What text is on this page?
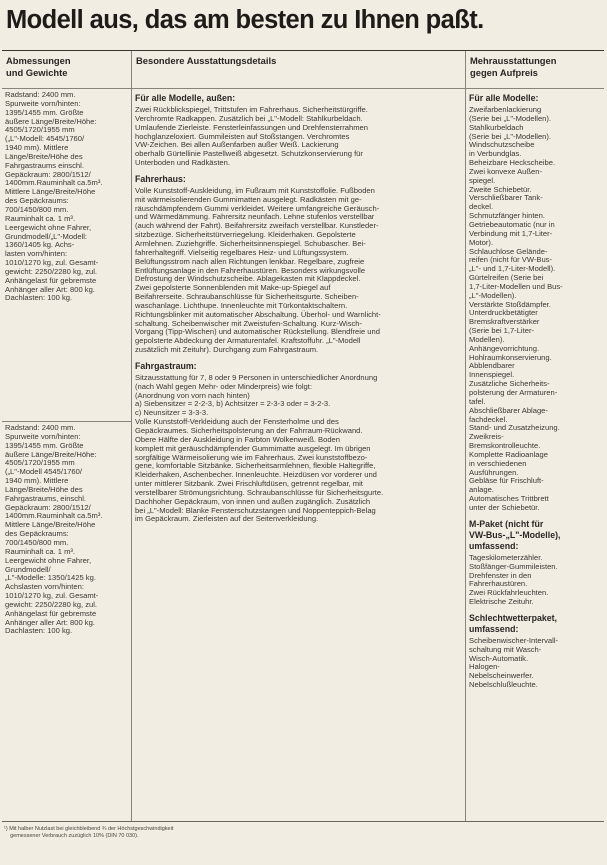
Modell aus, das am besten zu Ihnen paßt.
Abmessungen
und Gewichte
Radstand: 2400 mm.
Spurweite vorn/hinten:
1395/1455 mm. Größte
äußere Länge/Breite/Höhe:
4505/1720/1955 mm
(„L"-Modell: 4545/1760/
1940 mm). Mittlere
Länge/Breite/Höhe des
Fahrgastraums einschl.
Gepäckraum: 2800/1512/
1400mm.Rauminhalt ca.5m³.
Mittlere Länge/Breite/Höhe
des Gepäckraums:
700/1450/800 mm.
Rauminhalt ca. 1 m³.
Leergewicht ohne Fahrer,
Grundmodell/„L"-Modell:
1360/1405 kg. Achs-
lasten vorn/hinten:
1010/1270 kg, zul. Gesamt-
gewicht: 2250/2280 kg, zul.
Anhängelast für gebremste
Anhänger aller Art: 800 kg.
Dachlasten: 100 kg.
Radstand: 2400 mm.
Spurweite vorn/hinten:
1395/1455 mm. Größte
äußere Länge/Breite/Höhe:
4505/1720/1955 mm
(„L"-Modell 4545/1760/
1940 mm). Mittlere
Länge/Breite/Höhe des
Fahrgastraums, einschl.
Gepäckraum: 2800/1512/
1400mm.Rauminhalt ca.5m³.
Mittlere Länge/Breite/Höhe
des Gepäckraums:
700/1450/800 mm.
Rauminhalt ca. 1 m³.
Leergewicht ohne Fahrer,
Grundmodell/
„L"-Modelle: 1350/1425 kg.
Achslasten vorn/hinten:
1010/1270 kg, zul. Gesamt-
gewicht: 2250/2280 kg, zul.
Anhängelast für gebremste
Anhänger aller Art: 800 kg.
Dachlasten: 100 kg.
Besondere Ausstattungsdetails
Für alle Modelle, außen:
Zwei Rückblickspiegel, Trittstufen im Fahrerhaus. Sicherheitstürgriffe.
Verchromte Radkappen. Zusätzlich bei „L"-Modell: Stahlkurbeldach.
Umlaufende Zierleiste. Fensterleinfassungen und Drehfensterrahmen
hochglanzeloxiert. Gummileisten auf Stoßstangen. Verchromtes
VW-Zeichen. Bei allen Außenfarben außer Weiß. Lackierung
oberhalb Gürtellinie Pastellweiß abgesetzt. Schutzkonservierung für
Unterboden und Radkästen.
Fahrerhaus:
Volle Kunststoff-Auskleidung, im Fußraum mit Kunststoffolie. Fußboden
mit wärmeisolierenden Gummimatten ausgelegt. Radkästen mit ge-
räuschdämpfendem Gummi verkleidet. Weitere umfangreiche Geräusch-
und Wärmedämmung. Fahrersitz neunfach. Lehne stufenlos verstellbar
(auch während der Fahrt). Beifahrersitz zweifach verstellbar. Kunstleder-
sitzbezüge. Sicherheitstürverriegelung. Kleiderhaken. Gepolsterte
Armlehnen. Zuziehgriffe. Sicherheitsinnenspiegel. Schubascher. Bei-
fahrerhaltegriff. Vielseitig regelbares Heiz- und Lüftungssystem.
Belüftungsstrom nach allen Richtungen lenkbar. Regelbare, zugfreie
Entlüftungsanlage in den Fahrerhaustüren. Besonders wirkungsvolle
Defrostung der Windschutzscheibe. Ablagekasten mit Klappdeckel.
Zwei gepolsterte Sonnenblenden mit Make-up-Spiegel auf
Beifahrerseite. Schraubanschlüsse für Sicherheitsgurte. Scheiben-
waschanlage. Lichthupe. Innenleuchte mit Türkontaktschaltern.
Richtungsblinker mit automatischer Abschaltung. Überhol- und Warnlicht-
schaltung. Scheibenwischer mit Zweistufen-Schaltung. Kurz-Wisch-
Vorgang (Tipp-Wischen) und automatischer Rückstellung. Blendfreie und
gepolsterte Abdeckung der Armaturentafel. Kraftstoffuhr. „L"-Modell
zusätzlich mit Zeituhr). Durchgang zum Fahrgastraum.
Fahrgastraum:
Sitzausstattung für 7, 8 oder 9 Personen in unterschiedlicher Anordnung
(nach Wahl gegen Mehr- oder Minderpreis) wie folgt:
(Anordnung von vorn nach hinten)
a) Siebensitzer = 2-2-3, b) Achtsitzer = 2-3-3 oder = 3-2-3.
c) Neunsitzer = 3-3-3.
Volle Kunststoff-Verkleidung auch der Fensterholme und des
Gepäckraumes. Sicherheitspolsterung an der Fahrraum-Rückwand.
Obere Hälfte der Auskleidung in Farbton Wolkenweiß. Boden
komplett mit geräuschdämpfender Gummimatte ausgelegt. Im übrigen
sorgfältige Wärmeisolierung wie im Fahrerhaus. Zwei kunststoffbezo-
gene, komfortable Sitzbänke. Sicherheitsarmlehnen, flexible Haltegriffe,
Kleiderhaken, Aschenbecher. Innenleuchte. Heizdüsen vor vorderer und
unter mittlerer Sitzbank. Zwei Frischluftdüsen, getrennt regelbar, mit
verstellbarer Strömungsrichtung. Schraubanschlüsse für Sicherheitsgurte.
Dachhoher Gepäckraum, von innen und außen zugänglich. Zusätzlich
bei „L"-Modell: Blanke Fensterschutzstangen und Noppenteppich-Belag
im Gepäckraum. Zierleisten auf der Seitenverkleidung.
Mehrausstattungen
gegen Aufpreis
Für alle Modelle:
Zweifarbenlackierung
(Serie bei „L"-Modellen).
Stahlkurbeldach
(Serie bei „L"-Modellen).
Windschutzscheibe
in Verbundglas.
Beheizbare Heckscheibe.
Zwei konvexe Außen-
spiegel.
Zweite Schiebetür.
Verschließbarer Tank-
deckel.
Schmutzfänger hinten.
Getriebeautomatic (nur in
Verbindung mit 1,7-Liter-
Motor).
Schlauchlose Gelände-
reifen (nicht für VW-Bus-
„L"- und 1,7-Liter-Modell).
Gürtelreifen (Serie bei
1,7-Liter-Modellen und Bus-
„L"-Modellen).
Verstärkte Stoßdämpfer.
Unterdruckbetätigter
Bremskraftverstärker
(Serie bei 1,7-Liter-
Modellen).
Anhängevorrichtung.
Hohlraumkonservierung.
Abblendbarer
Innenspiegel.
Zusätzliche Sicherheits-
polsterung der Armaturen-
tafel.
Abschließbarer Ablage-
fachdeckel.
Stand- und Zusatzheizung.
Zweikreis-
Bremskontrolleuchte.
Komplette Radioanlage
in verschiedenen
Ausführungen.
Gebläse für Frischluft-
anlage.
Automatisches Trittbrett
unter der Schiebetür.
M-Paket (nicht für
VW-Bus-„L"-Modelle),
umfassend:
Tageskilometerzähler.
Stoßfänger-Gummileisten.
Drehfenster in den
Fahrerhaustüren.
Zwei Rückfahrleuchten.
Elektrische Zeituhr.
Schlechtwetterpaket,
umfassend:
Scheibenwischer-Intervall-
schaltung mit Wasch-
Wisch-Automatik.
Halogen-
Nebelscheinwerfer.
Nebelschlußleuchte.
¹) Mit halber Nutzlast bei gleichbleibend ¾ der Höchstgeschwindigkeit
gemessener Verbrauch zuzüglich 10% (DIN 70 030).
